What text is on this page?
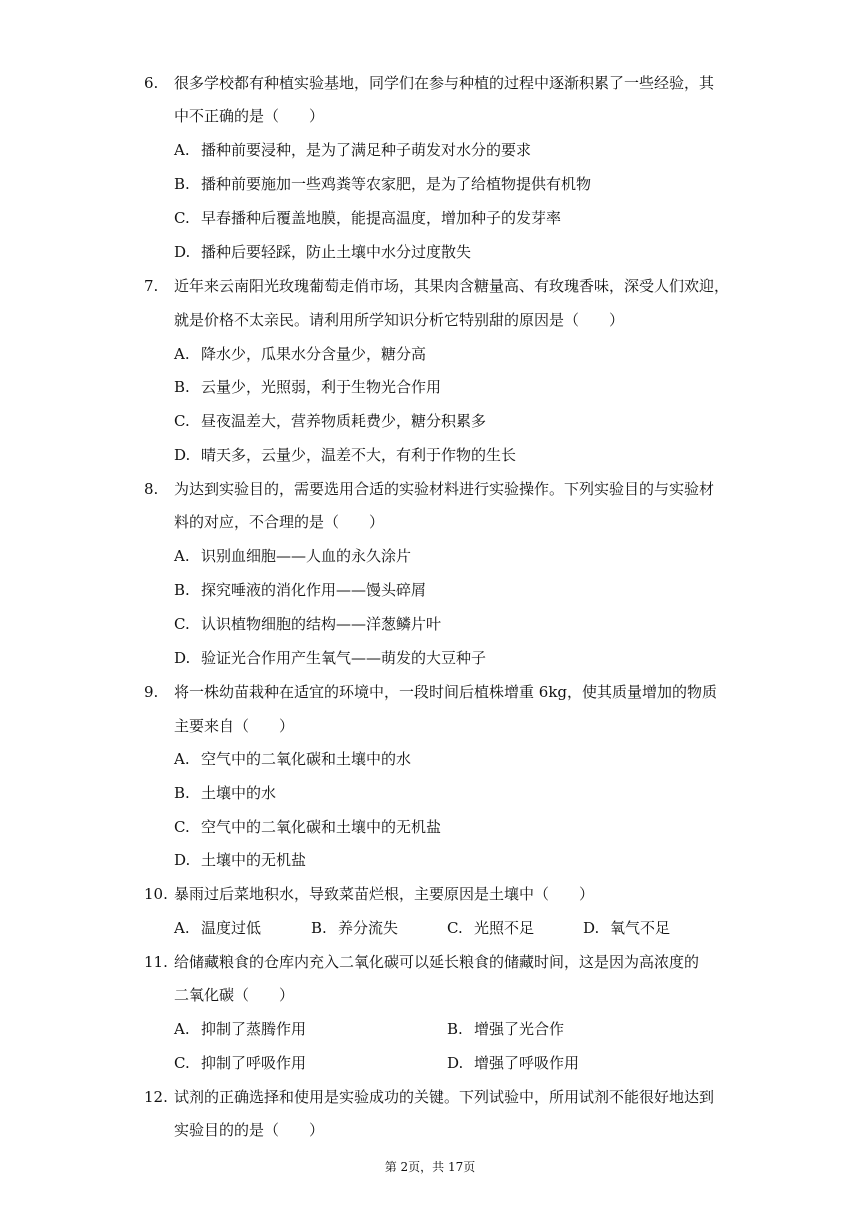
6. 很多学校都有种植实验基地，同学们在参与种植的过程中逐渐积累了一些经验，其
中不正确的是（　　）
A. 播种前要浸种，是为了满足种子萌发对水分的要求
B. 播种前要施加一些鸡粪等农家肥，是为了给植物提供有机物
C. 早春播种后覆盖地膜，能提高温度，增加种子的发芽率
D. 播种后要轻踩，防止土壤中水分过度散失
7. 近年来云南阳光玫瑰葡萄走俏市场，其果肉含糖量高、有玫瑰香味，深受人们欢迎，
就是价格不太亲民。请利用所学知识分析它特别甜的原因是（　　）
A. 降水少，瓜果水分含量少，糖分高
B. 云量少，光照弱，利于生物光合作用
C. 昼夜温差大，营养物质耗费少，糖分积累多
D. 晴天多，云量少，温差不大，有利于作物的生长
8. 为达到实验目的，需要选用合适的实验材料进行实验操作。下列实验目的与实验材
料的对应，不合理的是（　　）
A. 识别血细胞——人血的永久涂片
B. 探究唾液的消化作用——馒头碎屑
C. 认识植物细胞的结构——洋葱鳞片叶
D. 验证光合作用产生氧气——萌发的大豆种子
9. 将一株幼苗栽种在适宜的环境中，一段时间后植株增重 6kg，使其质量增加的物质
主要来自（　　）
A. 空气中的二氧化碳和土壤中的水
B. 土壤中的水
C. 空气中的二氧化碳和土壤中的无机盐
D. 土壤中的无机盐
10. 暴雨过后菜地积水，导致菜苗烂根，主要原因是土壤中（　　）
A. 温度过低	B. 养分流失	C. 光照不足	D. 氧气不足
11. 给储藏粮食的仓库内充入二氧化碳可以延长粮食的储藏时间，这是因为高浓度的
二氧化碳（　　）
A. 抑制了蒸腾作用	B. 增强了光合作
C. 抑制了呼吸作用	D. 增强了呼吸作用
12. 试剂的正确选择和使用是实验成功的关键。下列试验中，所用试剂不能很好地达到
实验目的的是（　　）
第 2页，共 17页
